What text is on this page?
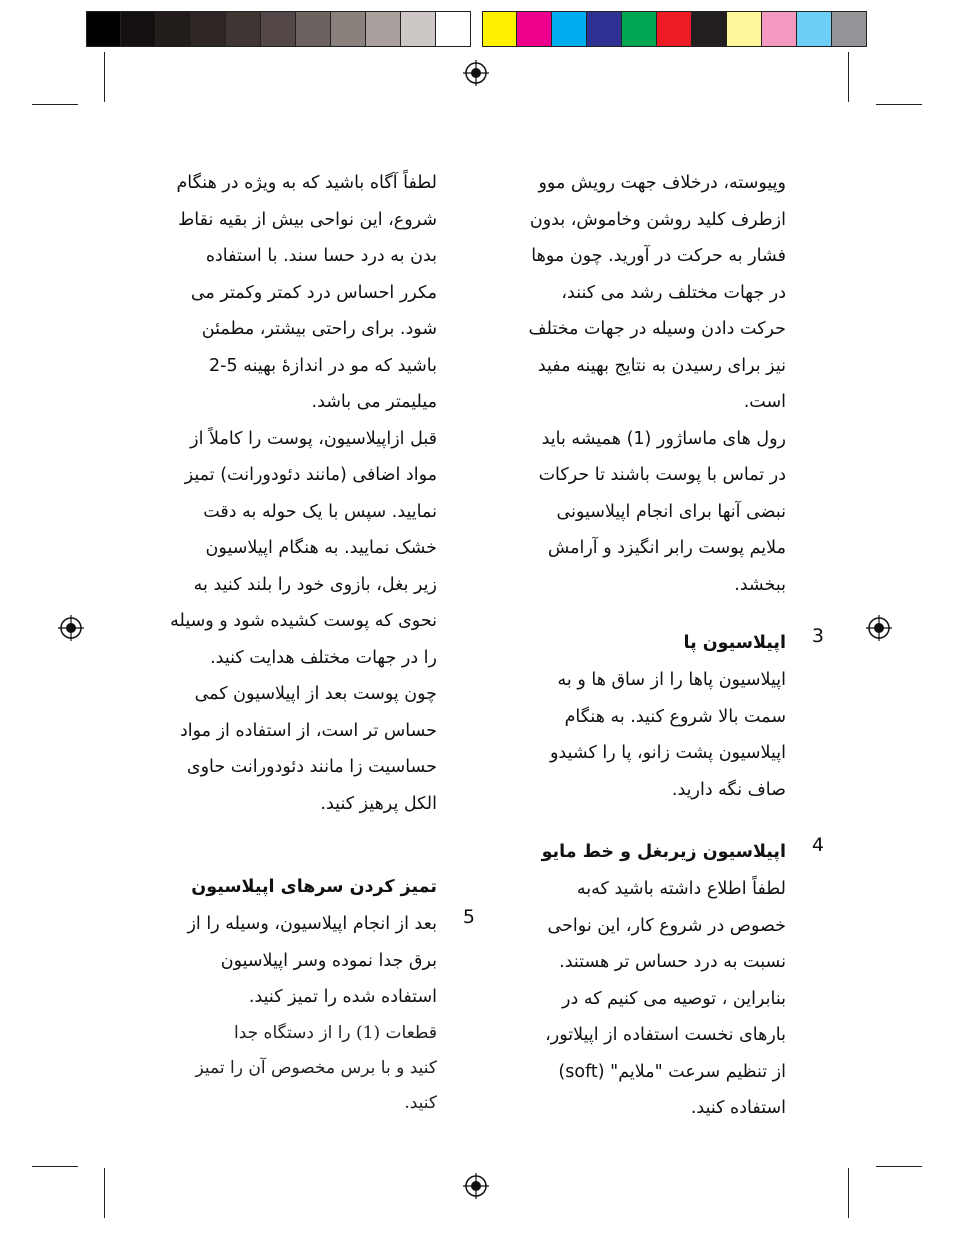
وپیوسته، درخلاف جهت رویش موو

ازطرف کلید روشن وخاموش، بدون

فشار به حرکت در آورید. چون موها

در جهات مختلف رشد می کنند،

حرکت دادن وسیله در جهات مختلف

نیز برای رسیدن به نتایج بهینه مفید

است.

رول های ماساژور (1) همیشه باید

در تماس با پوست باشند تا حرکات

نبضی آنها برای انجام اپیلاسیونی

ملایم پوست رابر انگیزد و آرامش

ببخشد.

3

اپیلاسیون پا

اپیلاسیون پاها را از ساق ها و به

سمت بالا شروع کنید. به هنگام

اپیلاسیون پشت زانو، پا را کشیدو

صاف نگه دارید.

4

اپیلاسیون زیربغل و خط مایو

لطفاً اطلاع داشته باشید که‌به

خصوص در شروع کار، این نواحی

نسبت به درد حساس تر هستند.

بنابراین ، توصیه می کنیم که در

بارهای نخست استفاده از اپیلاتور،

از تنظیم سرعت "ملایم" (soft)

استفاده کنید.

لطفاً آگاه باشید که به ویژه در هنگام

شروع، این نواحی بیش از بقیه نقاط

بدن به درد حسا سند. با استفاده

مکرر احساس درد کمتر وکمتر می

شود. برای راحتی بیشتر، مطمئن

باشید که مو در اندازهٔ بهینه 5-2

میلیمتر می باشد.

قبل ازاپیلاسیون، پوست را کاملاً از

مواد اضافی (مانند دئودورانت) تمیز

نمایید. سپس با یک حوله به دقت

خشک نمایید. به هنگام اپیلاسیون

زیر بغل، بازوی خود را بلند کنید به

نحوی که پوست کشیده شود و وسیله

را در جهات مختلف هدایت کنید.

چون پوست بعد از اپیلاسیون کمی

حساس تر است، از استفاده از مواد

حساسیت زا مانند دئودورانت حاوی

الکل پرهیز کنید.

تمیز کردن سرهای اپیلاسیون

5

بعد از انجام اپیلاسیون، وسیله را از

برق جدا نموده وسر اپیلاسیون

استفاده شده را تمیز کنید.

قطعات (1) را از دستگاه جدا

کنید و با برس مخصوص آن را تمیز

کنید.
